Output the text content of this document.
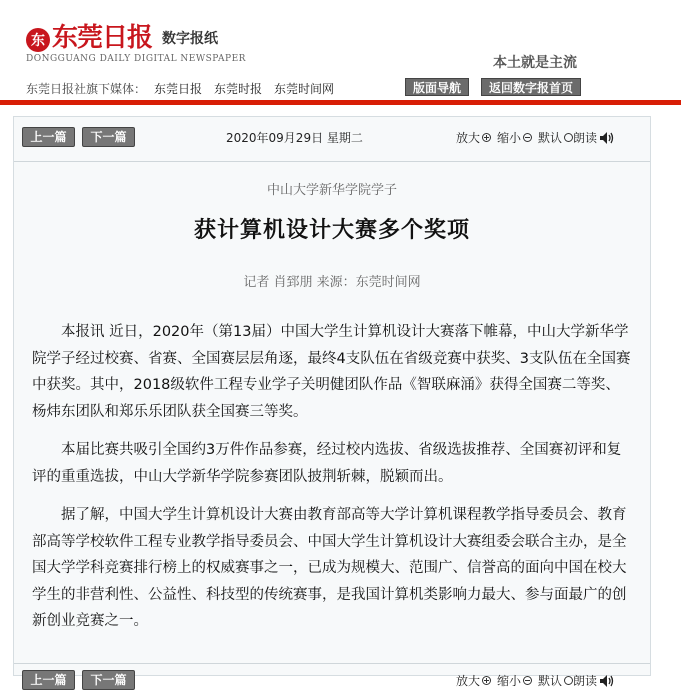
东 东莞日报 数字报纸
DONGGUANG DAILY DIGITAL NEWSPAPER	本土就是主流
东莞日报社旗下媒体： 东莞日报 东莞时报 东莞时间网	版面导航	返回数字报首页
上一篇	下一篇	2020年09月29日 星期二	放大 缩小 默认 朗读
中山大学新华学院学子
获计算机设计大赛多个奖项
记者 肖郅朋 来源：东莞时间网

本报讯 近日，2020年（第13届）中国大学生计算机设计大赛落下帷幕，中山大学新华学院学子经过校赛、省赛、全国赛层层角逐，最终4支队伍在省级竞赛中获奖、3支队伍在全国赛中获奖。其中，2018级软件工程专业学子关明健团队作品《智联麻涌》获得全国赛二等奖、杨炜东团队和郑乐乐团队获全国赛三等奖。

本届比赛共吸引全国约3万件作品参赛，经过校内选拔、省级选拔推荐、全国赛初评和复评的重重选拔，中山大学新华学院参赛团队披荆斩棘，脱颖而出。

据了解，中国大学生计算机设计大赛由教育部高等大学计算机课程教学指导委员会、教育部高等学校软件工程专业教学指导委员会、中国大学生计算机设计大赛组委会联合主办，是全国大学学科竞赛排行榜上的权威赛事之一，已成为规模大、范围广、信誉高的面向中国在校大学生的非营利性、公益性、科技型的传统赛事，是我国计算机类影响力最大、参与面最广的创新创业竞赛之一。

上一篇	下一篇	放大 缩小 默认 朗读
